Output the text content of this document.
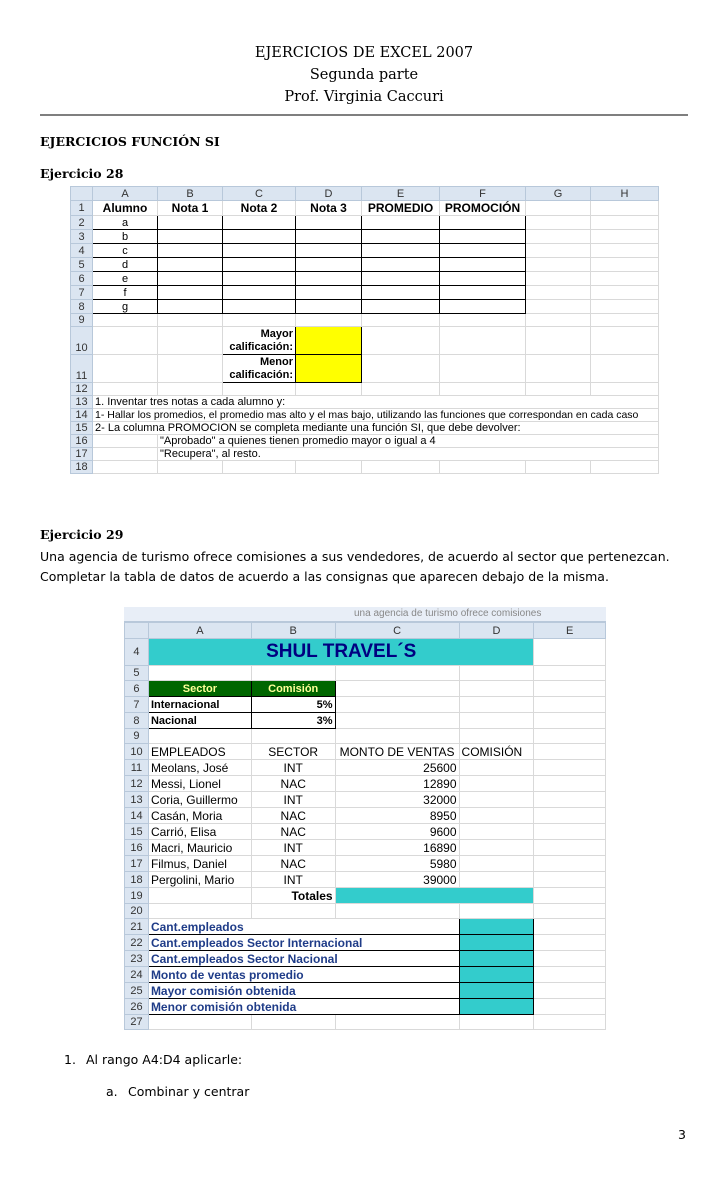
EJERCICIOS DE EXCEL 2007
Segunda parte
Prof. Virginia Caccuri
EJERCICIOS FUNCIÓN SI
Ejercicio 28
	A	B	C	D	E	F	G	H
1	Alumno	Nota 1	Nota 2	Nota 3	PROMEDIO	PROMOCIÓN		
2	a							
3	b							
4	c							
5	d							
6	e							
7	f							
8	g							
9								
10			Mayor
calificación:					
11			Menor
calificación:					
12								
13	1. Inventar tres notas a cada alumno y:							
14	1- Hallar los promedios, el promedio mas alto y el mas bajo, utilizando las funciones que correspondan en cada caso							
15	2- La columna PROMOCION se completa mediante una función SI, que debe devolver:							
16		"Aprobado" a quienes tienen promedio mayor o igual a 4						
17		"Recupera", al resto.						
18								
Ejercicio 29
Una agencia de turismo ofrece comisiones a sus vendedores, de acuerdo al sector que pertenezcan. Completar la tabla de datos de acuerdo a las consignas que aparecen debajo de la misma.
una agencia de turismo ofrece comisiones
	A	B	C	D	E
4	SHUL TRAVEL´S				
5					
6	Sector	Comisión			
7	Internacional	5%			
8	Nacional	3%			
9					
10	EMPLEADOS	SECTOR	MONTO DE VENTAS	COMISIÓN	
11	Meolans, José	INT	25600		
12	Messi, Lionel	NAC	12890		
13	Coria, Guillermo	INT	32000		
14	Casán, Moria	NAC	8950		
15	Carrió, Elisa	NAC	9600		
16	Macri, Mauricio	INT	16890		
17	Filmus, Daniel	NAC	5980		
18	Pergolini, Mario	INT	39000		
19		Totales			
20					
21	Cant.empleados				
22	Cant.empleados Sector Internacional				
23	Cant.empleados Sector Nacional				
24	Monto de ventas promedio				
25	Mayor comisión obtenida				
26	Menor comisión obtenida				
27					
1. Al rango A4:D4 aplicarle:
a. Combinar y centrar
3
